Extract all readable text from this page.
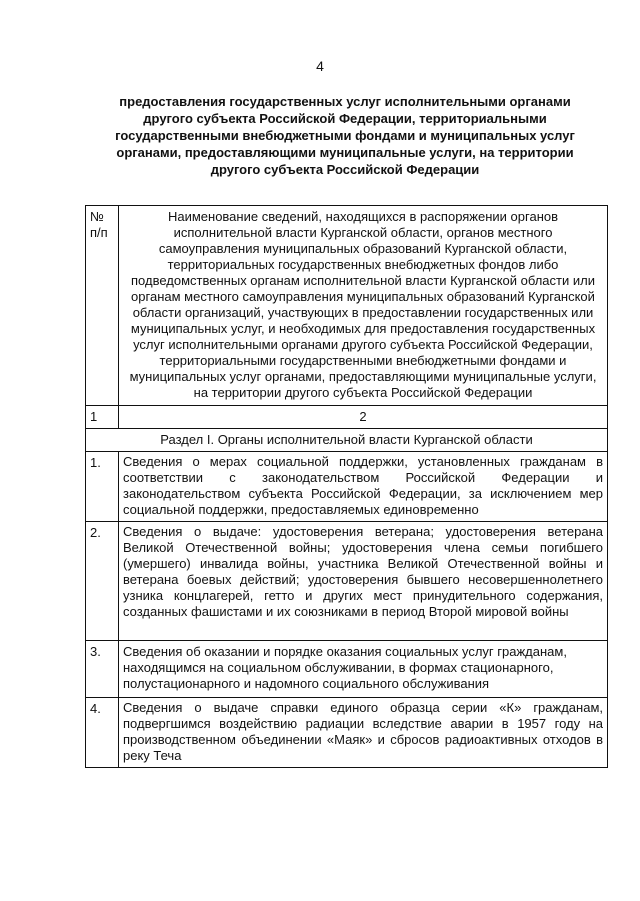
4
предоставления государственных услуг исполнительными органами другого субъекта Российской Федерации, территориальными государственными внебюджетными фондами и муниципальных услуг органами, предоставляющими муниципальные услуги, на территории другого субъекта Российской Федерации
№ п/п	Наименование сведений, находящихся в распоряжении органов исполнительной власти Курганской области, органов местного самоуправления муниципальных образований Курганской области, территориальных государственных внебюджетных фондов либо подведомственных органам исполнительной власти Курганской области или органам местного самоуправления муниципальных образований Курганской области организаций, участвующих в предоставлении государственных или муниципальных услуг, и необходимых для предоставления государственных услуг исполнительными органами другого субъекта Российской Федерации, территориальными государственными внебюджетными фондами и муниципальных услуг органами, предоставляющими муниципальные услуги, на территории другого субъекта Российской Федерации
1	2
Раздел I. Органы исполнительной власти Курганской области	
1.	Сведения о мерах социальной поддержки, установленных гражданам в соответствии с законодательством Российской Федерации и законодательством субъекта Российской Федерации, за исключением мер социальной поддержки, предоставляемых единовременно
2.	Сведения о выдаче: удостоверения ветерана; удостоверения ветерана Великой Отечественной войны; удостоверения члена семьи погибшего (умершего) инвалида войны, участника Великой Отечественной войны и ветерана боевых действий; удостоверения бывшего несовершеннолетнего узника концлагерей, гетто и других мест принудительного содержания, созданных фашистами и их союзниками в период Второй мировой войны
3.	Сведения об оказании и порядке оказания социальных услуг гражданам, находящимся на социальном обслуживании, в формах стационарного, полустационарного и надомного социального обслуживания
4.	Сведения о выдаче справки единого образца серии «К» гражданам, подвергшимся воздействию радиации вследствие аварии в 1957 году на производственном объединении «Маяк» и сбросов радиоактивных отходов в реку Теча
